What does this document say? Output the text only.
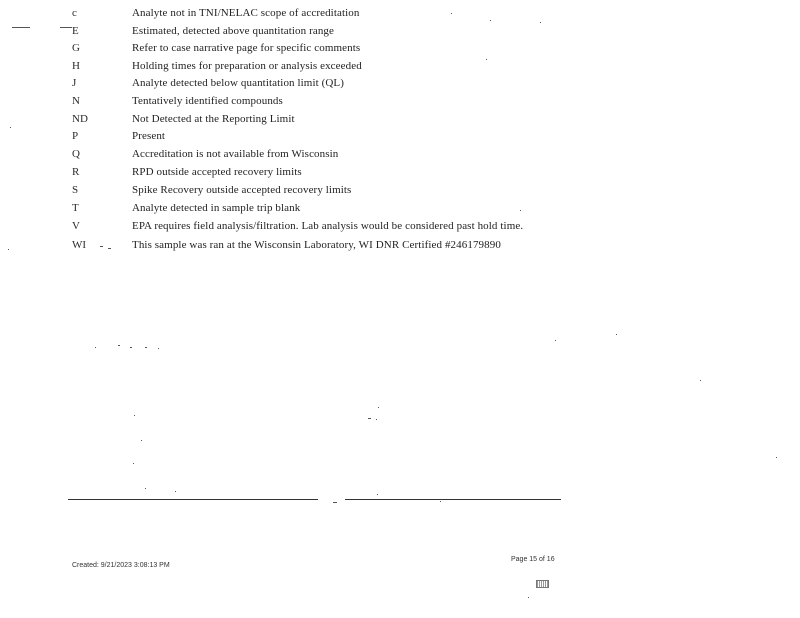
c	Analyte not in TNI/NELAC scope of accreditation
E	Estimated, detected above quantitation range
G	Refer to case narrative page for specific comments
H	Holding times for preparation or analysis exceeded
J	Analyte detected below quantitation limit (QL)
N	Tentatively identified compounds
ND	Not Detected at the Reporting Limit
P	Present
Q	Accreditation is not available from Wisconsin
R	RPD outside accepted recovery limits
S	Spike Recovery outside accepted recovery limits
T	Analyte detected in sample trip blank
V	EPA requires field analysis/filtration. Lab analysis would be considered past hold time.
WI	This sample was ran at the Wisconsin Laboratory, WI DNR Certified #246179890
Page 15 of 16
Created: 9/21/2023 3:08:13 PM
